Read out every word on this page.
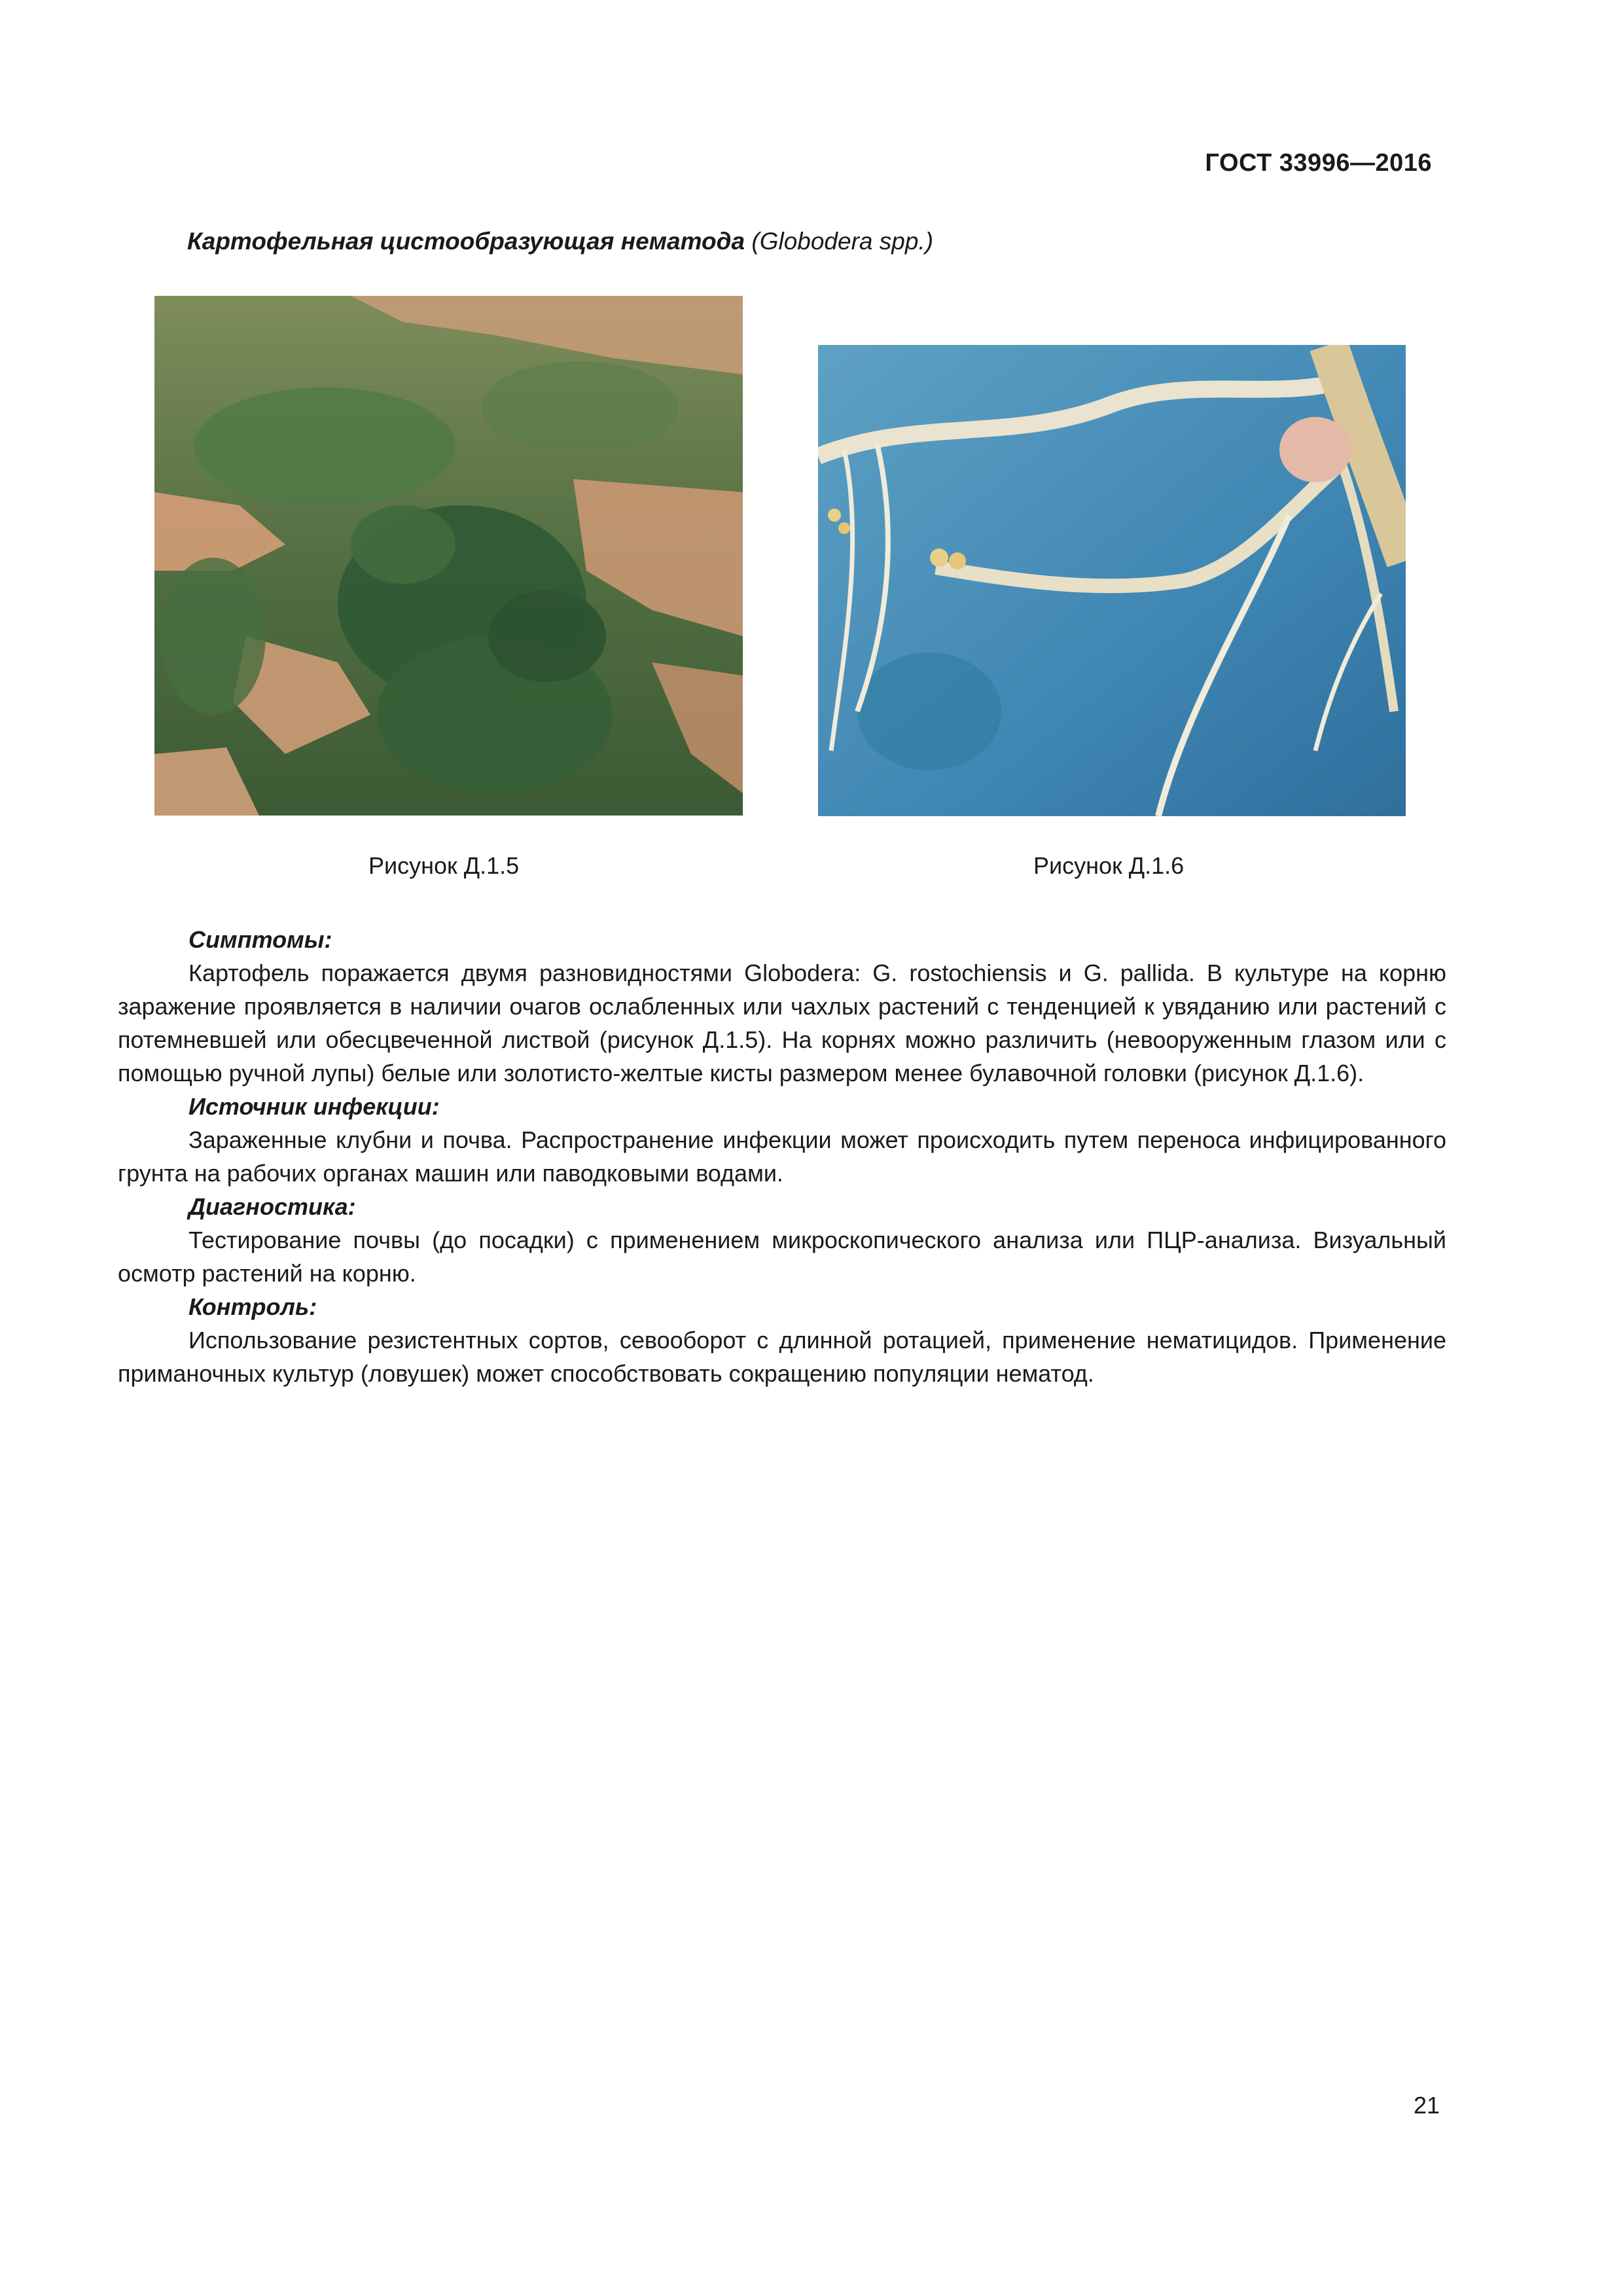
ГОСТ 33996—2016
Картофельная цистообразующая нематода (Globodera spp.)
Рисунок Д.1.5	Рисунок Д.1.6

Симптомы:

Картофель поражается двумя разновидностями Globodera: G. rostochiensis и G. pallida. В культуре на корню заражение проявляется в наличии очагов ослабленных или чахлых растений с тенденцией к увяданию или растений с потемневшей или обесцвеченной листвой (рисунок Д.1.5). На корнях можно различить (невооруженным глазом или с помощью ручной лупы) белые или золотисто-желтые кисты размером менее булавочной головки (рисунок Д.1.6).

Источник инфекции:

Зараженные клубни и почва. Распространение инфекции может происходить путем переноса инфицированного грунта на рабочих органах машин или паводковыми водами.

Диагностика:

Тестирование почвы (до посадки) с применением микроскопического анализа или ПЦР-анализа. Визуальный осмотр растений на корню.

Контроль:

Использование резистентных сортов, севооборот с длинной ротацией, применение нематицидов. Применение приманочных культур (ловушек) может способствовать сокращению популяции нематод.

21
